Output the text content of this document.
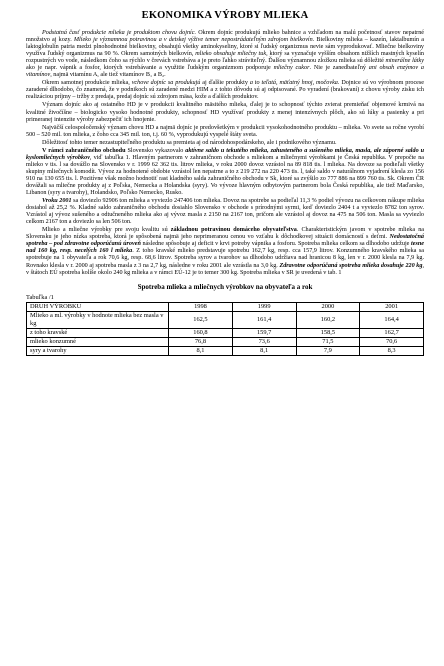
EKONOMIKA VÝROBY MLIEKA

Podstatná časť produkcie mlieka je produktom chovu dojníc. Okrem dojníc produkujú mlieko bahnice a vzhľadom na malú početnosť stavov nepatrné množstvo aj kozy. Mlieko je významnou potravinou a v detskej výžive temer nepostrádateľným zdrojom bielkovín. Bielkoviny mlieka – kazeín, laktalbumín a laktoglobulín patria medzi plnohodnotné bielkoviny, obsahujú všetky aminokyseliny, ktoré si ľudský organizmus nevie sám vyprodukovať. Mliečne bielkoviny využíva ľudský organizmus na 90 %. Okrem samotných bielkovín, mlieko obsahuje mliečny tuk, ktorý sa vyznačuje vyšším obsahom nižších mastných kyselín rozpustných vo vode, následkom čoho sa rýchlo v črevách vstrebáva a je preto ľahko stráviteľný. Ďalšou významnou zložkou mlieka sú dôležité minerálne látky ako je napr. vápnik a fosfor, ktorých vstrebávanie a využitie ľudským organizmom podporuje mliečny cukor. Nie je zanedbateľný ani obsah enzýmov a vitamínov, najmä vitamínu A, ale tiež vitamínov B₁ a B₂.

Okrem samotnej produkcie mlieka, vchove dojníc sa produkujú aj ďalšie produkty a to teľatá, mäťatný hnoj, močovka. Dojnice sú vo výrobnom procese zaradené dlhodobo, čo znamená, že v podnikoch sú zaradené medzi HIM a z tohto dôvodu sú aj odpisované. Po vyradení (brakovaní) z chovu výroby zisku ich realizáciou príjmy – tržby z predaja, predaj dojníc sú zdrojom mäsa, kože a ďalších produktov.

Význam dojníc ako aj ostatného HD je v produkcii kvalitného mäsitého mlieka, ďalej je to schopnosť týchto zvierat premieňať objemové krmivá na kvalitné živočíšne – biologicko vysoko hodnotné produkty, schopnosť HD využívať produkty z menej intenzívnych plôch, ako sú lúky a pasienky a pri primeranej intenzite výroby zabezpečiť ich hnojenie.

Najväčší celospoločenský význam chovu HD a najmä dojníc je predovšetkým v produkcii vysokohodnotného produktu – mlieka. Vo svete sa ročne vyrobí 500 – 520 mil. ton mlieka, z čoho cca 345 mil. ton, t.j. 60 %, vyprodukujú vyspelé štáty sveta.

Dôležitosť tohto temer nezastupiteľného produktu sa premieta aj od národohospodárskeho, ale i podnikového významu.

V rámci zahraničného obchodu Slovensko vykazovalo aktívne saldo u tekutého mlieka, zahusteného a sušeného mlieka, masla, ale záporné saldo u kyslomliečnych výrobkov, viď tabuľka 1. Hlavným partnerom v zahraničnom obchode s mliekom a mliečnymi výrobkami je Česká republika. V prepočte na mlieko v tis. l sa dovážlo na Slovensko v r. 1999 62 362 tis. litrov mlieka, v roku 2000 dovoz vzrástol na 89 818 tis. l mlieka. Na dovoze sa podieľali všetky skupiny mliečnych komodít. Vývoz za hodnotené obdobie vzrástol len nepatrne a to z 219 272 na 220 473 tis. l, také saldo v naturálnom vyjadrení klesla zo 156 910 na 130 655 tis. l. Pozitívne však možno hodnotiť rast kladného salda zahraničného obchodu v Sk, ktoré sa zvýšilo zo 777 886 na 899 760 tis. Sk. Okrem ČR dovážali sa mliečne produkty aj z Poľska, Nemecka a Holandska (syry). Vo vývoze hlavným odbytovým partnerom bola Česká republika, ale tiež Maďarsko, Libanon (syry a tvarohy), Holandsko, Poľsko Nemecko, Rusko.

Vroku 2001 sa doviezlo 92906 ton mlieka a vyviezlo 247406 ton mlieka. Dovoz na spotrebe sa podieľal 11,3 % podiel vývozu na celkovom nákupe mlieka dosiahol až 25,2 %. Kladné saldo zahraničného obchodu dosiahlo Slovensko v obchode s prírodnými syrmi, keď doviezlo 2404 t a vyviezlo 8782 ton syrov. Vzrástol aj vývoz sušeného a odtučneného mlieka ako aj vývoz masla z 2150 na 2167 ton, pričom ale vzrástol aj dovoz na 475 na 506 ton. Masla sa vyviezlo celkom 2167 ton a doviezlo sa len 506 ton.

Mlieko a mliečne výrobky pre svoju kvalitu sú základnou potravinou domáceho obyvateľstva. Charakteristickým javom v spotrebe mlieka na Slovensku je jeho nízka spotreba, ktorá je spôsobená najmä jeho neprimeranou cenou vo vzťahu k dôchodkovej situácii domácností s deťmi. Nedostatočná spotreba – pod zdravotne odporúčanú úroveň následne spôsobuje aj deficit v krvi potreby vápnika a fosforu. Spotreba mlieka celkom sa dlhodobo udržuje tesne nad 160 kg, resp. necelých 160 l mlieka. Z toho kravské mlieko predstavuje spotrebu 162,7 kg, resp. cca 157,9 litrov. Konzumného kravského mlieka sa spotrebuje na 1 obyvateľa a rok 70,6 kg, resp. 68,6 litrov. Spotreba syrov a tvarohov sa dlhodobo udržiava nad hranicou 8 kg, len v r. 2000 klesla na 7,9 kg. Rovnako klesla v r. 2000 aj spotreba masla z 3 na 2,7 kg, následne v roku 2001 ale vzrástla na 3,0 kg. Zdravotne odporúčaná spotreba mlieka dosahuje 220 kg, v štátoch EÚ spotreba kolíše okolo 240 kg mlieka a v rámci EÚ-12 je to temer 300 kg. Spotreba mlieka v SR je uvedená v tab. 1

Spotreba mlieka a mliečnych výrobkov na obyvateľa a rok
Tabuľka /1
DRUH VÝROBKU	1998	1999	2000	2001
Mlieko a ml. výrobky v hodnote mlieka bez masla v kg	162,5	161,4	160,2	164,4
z toho kravské	160,8	159,7	158,5	162,7
mlieko konzumné	76,8	73,6	71,5	70,6
syry a tvarohy	8,1	8,1	7,9	8,3
